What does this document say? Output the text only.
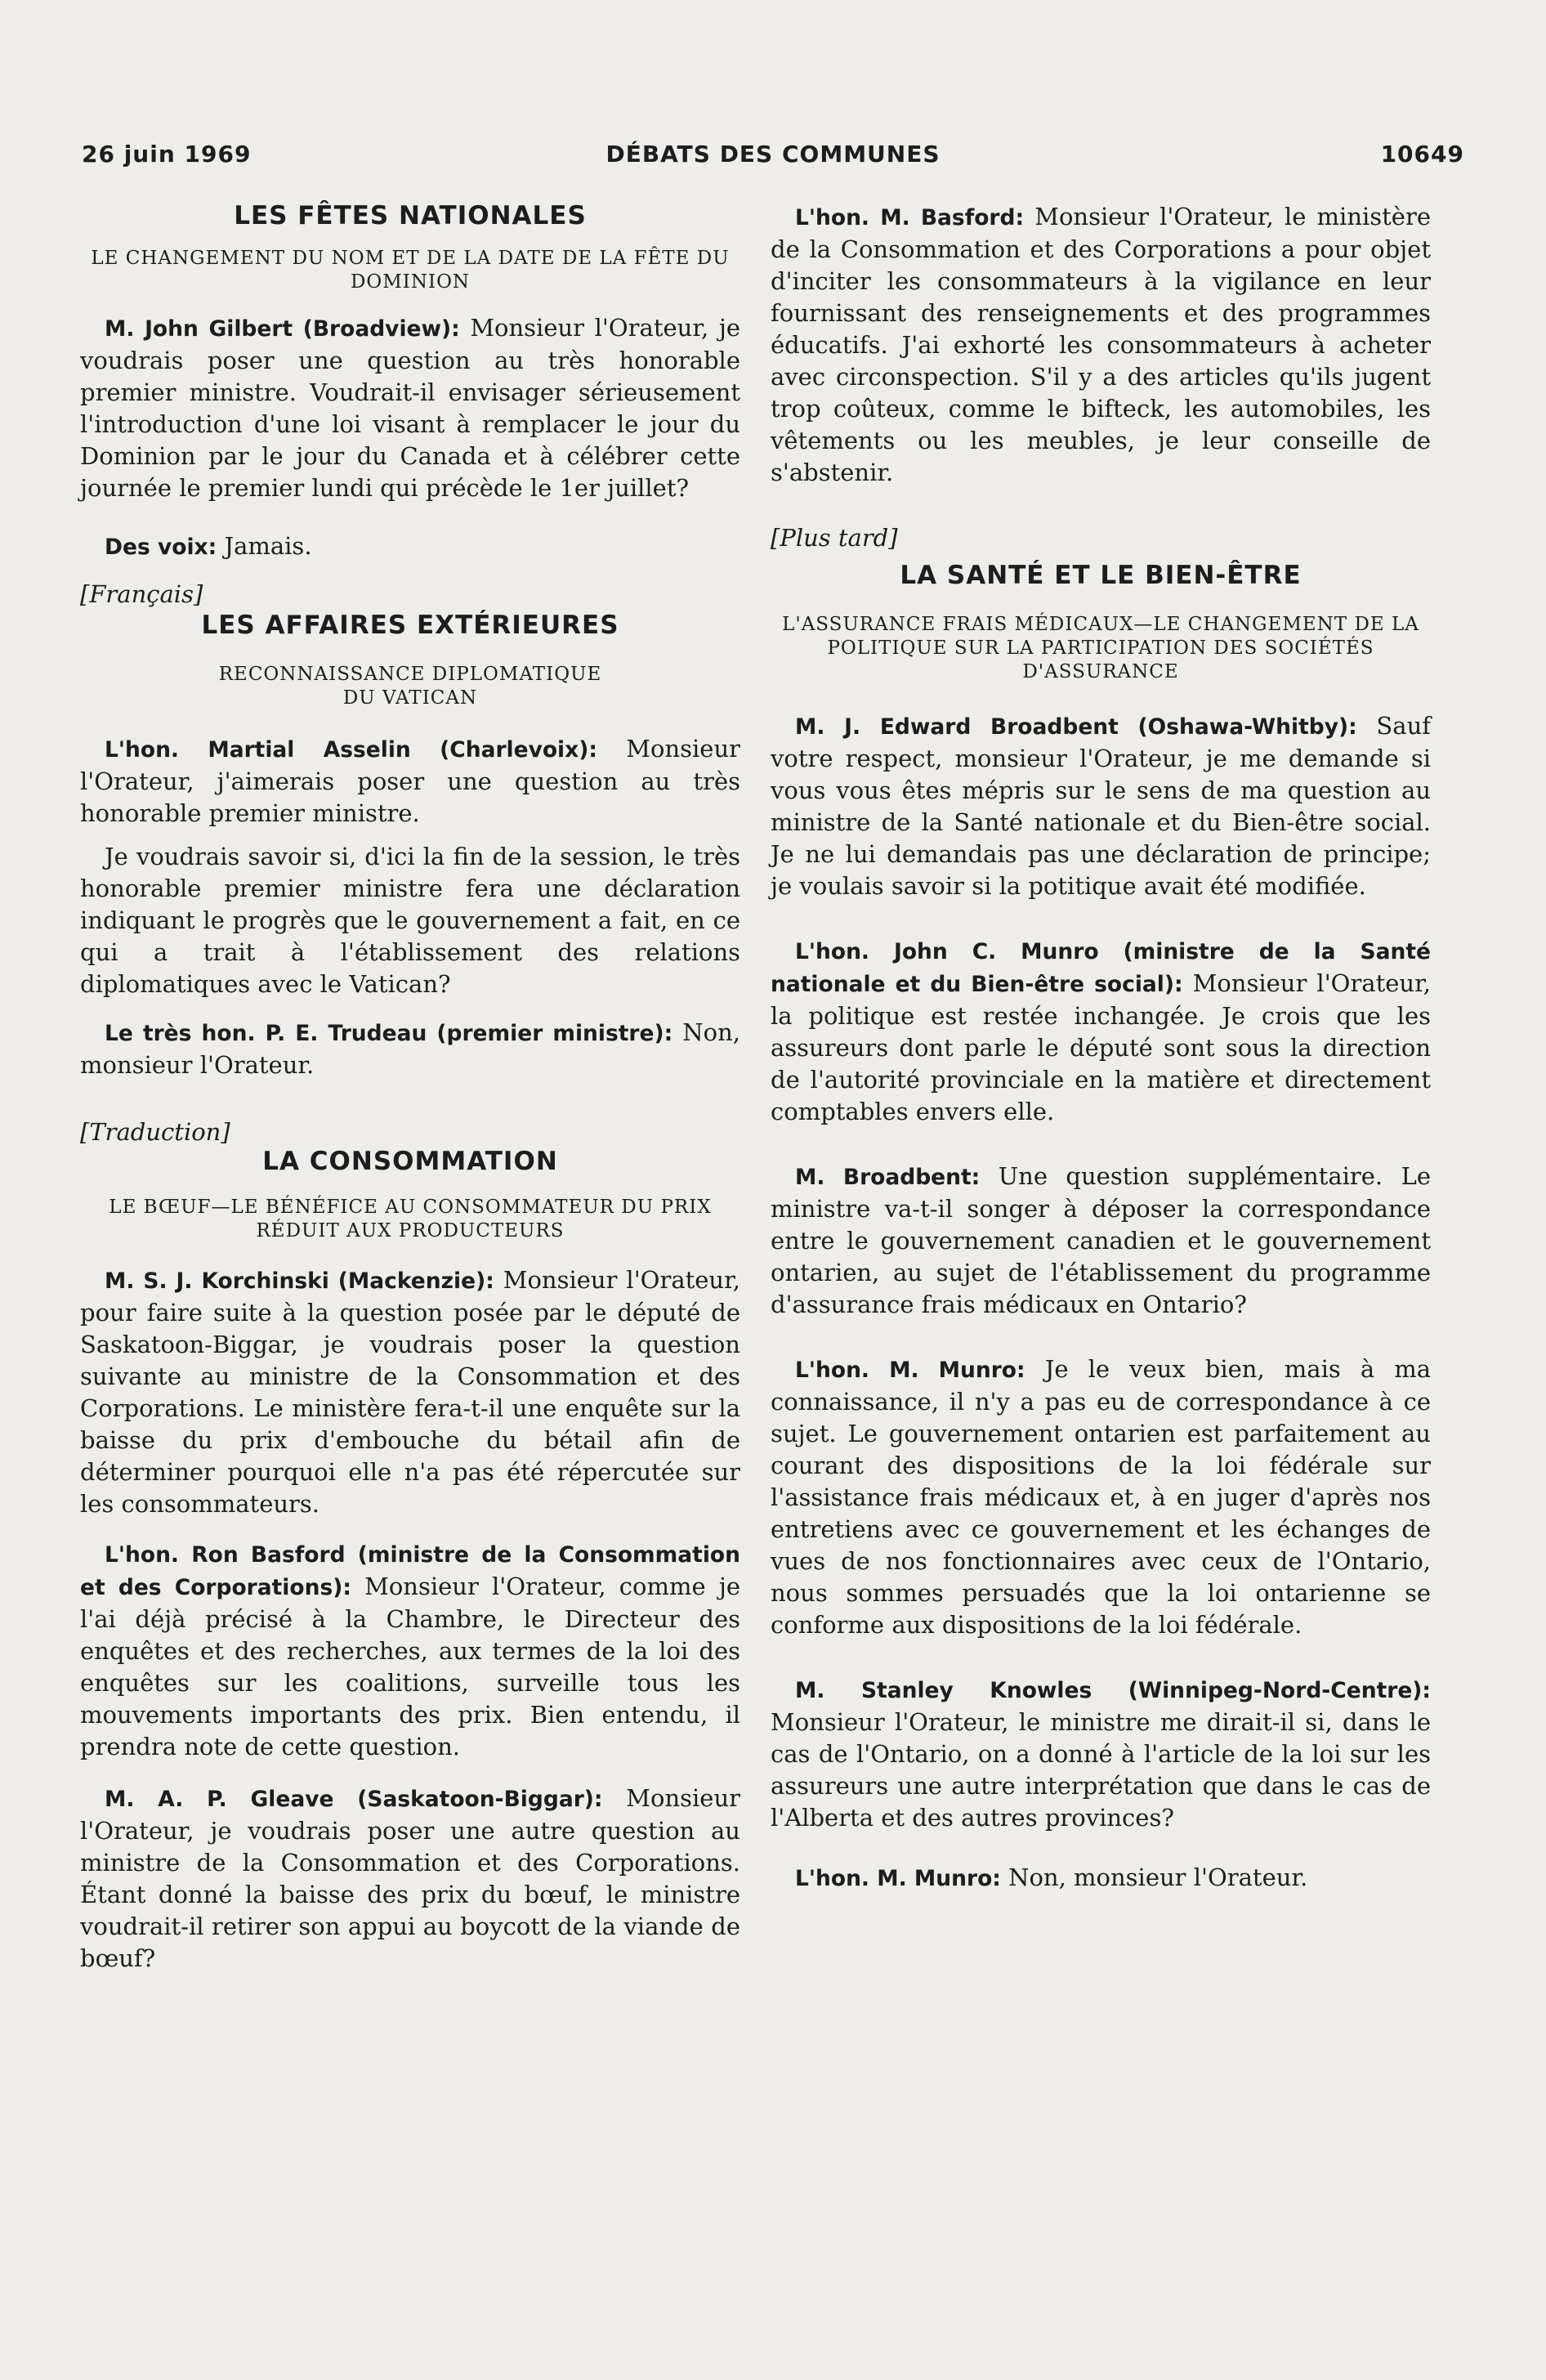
26 juin 1969	DÉBATS DES COMMUNES	10649
LES FÊTES NATIONALES
LE CHANGEMENT DU NOM ET DE LA DATE DE LA FÊTE DU DOMINION

M. John Gilbert (Broadview): Monsieur l'Orateur, je voudrais poser une question au très honorable premier ministre. Voudrait-il envisager sérieusement l'introduction d'une loi visant à remplacer le jour du Dominion par le jour du Canada et à célébrer cette journée le premier lundi qui précède le 1er juillet?

Des voix: Jamais.

[Français]
LES AFFAIRES EXTÉRIEURES
RECONNAISSANCE DIPLOMATIQUE DU VATICAN

L'hon. Martial Asselin (Charlevoix): Monsieur l'Orateur, j'aimerais poser une question au très honorable premier ministre.

Je voudrais savoir si, d'ici la fin de la session, le très honorable premier ministre fera une déclaration indiquant le progrès que le gouvernement a fait, en ce qui a trait à l'établissement des relations diplomatiques avec le Vatican?

Le très hon. P. E. Trudeau (premier ministre): Non, monsieur l'Orateur.

[Traduction]
LA CONSOMMATION
LE BŒUF—LE BÉNÉFICE AU CONSOMMATEUR DU PRIX RÉDUIT AUX PRODUCTEURS

M. S. J. Korchinski (Mackenzie): Monsieur l'Orateur, pour faire suite à la question posée par le député de Saskatoon-Biggar, je voudrais poser la question suivante au ministre de la Consommation et des Corporations. Le ministère fera-t-il une enquête sur la baisse du prix d'embouche du bétail afin de déterminer pourquoi elle n'a pas été répercutée sur les consommateurs.

L'hon. Ron Basford (ministre de la Consommation et des Corporations): Monsieur l'Orateur, comme je l'ai déjà précisé à la Chambre, le Directeur des enquêtes et des recherches, aux termes de la loi des enquêtes sur les coalitions, surveille tous les mouvements importants des prix. Bien entendu, il prendra note de cette question.

M. A. P. Gleave (Saskatoon-Biggar): Monsieur l'Orateur, je voudrais poser une autre question au ministre de la Consommation et des Corporations. Étant donné la baisse des prix du bœuf, le ministre voudrait-il retirer son appui au boycott de la viande de bœuf?

L'hon. M. Basford: Monsieur l'Orateur, le ministère de la Consommation et des Corporations a pour objet d'inciter les consommateurs à la vigilance en leur fournissant des renseignements et des programmes éducatifs. J'ai exhorté les consommateurs à acheter avec circonspection. S'il y a des articles qu'ils jugent trop coûteux, comme le bifteck, les automobiles, les vêtements ou les meubles, je leur conseille de s'abstenir.

[Plus tard]
LA SANTÉ ET LE BIEN-ÊTRE
L'ASSURANCE FRAIS MÉDICAUX—LE CHANGEMENT DE LA POLITIQUE SUR LA PARTICIPATION DES SOCIÉTÉS D'ASSURANCE

M. J. Edward Broadbent (Oshawa-Whitby): Sauf votre respect, monsieur l'Orateur, je me demande si vous vous êtes mépris sur le sens de ma question au ministre de la Santé nationale et du Bien-être social. Je ne lui demandais pas une déclaration de principe; je voulais savoir si la potitique avait été modifiée.

L'hon. John C. Munro (ministre de la Santé nationale et du Bien-être social): Monsieur l'Orateur, la politique est restée inchangée. Je crois que les assureurs dont parle le député sont sous la direction de l'autorité provinciale en la matière et directement comptables envers elle.

M. Broadbent: Une question supplémentaire. Le ministre va-t-il songer à déposer la correspondance entre le gouvernement canadien et le gouvernement ontarien, au sujet de l'établissement du programme d'assurance frais médicaux en Ontario?

L'hon. M. Munro: Je le veux bien, mais à ma connaissance, il n'y a pas eu de correspondance à ce sujet. Le gouvernement ontarien est parfaitement au courant des dispositions de la loi fédérale sur l'assistance frais médicaux et, à en juger d'après nos entretiens avec ce gouvernement et les échanges de vues de nos fonctionnaires avec ceux de l'Ontario, nous sommes persuadés que la loi ontarienne se conforme aux dispositions de la loi fédérale.

M. Stanley Knowles (Winnipeg-Nord-Centre): Monsieur l'Orateur, le ministre me dirait-il si, dans le cas de l'Ontario, on a donné à l'article de la loi sur les assureurs une autre interprétation que dans le cas de l'Alberta et des autres provinces?

L'hon. M. Munro: Non, monsieur l'Orateur.
